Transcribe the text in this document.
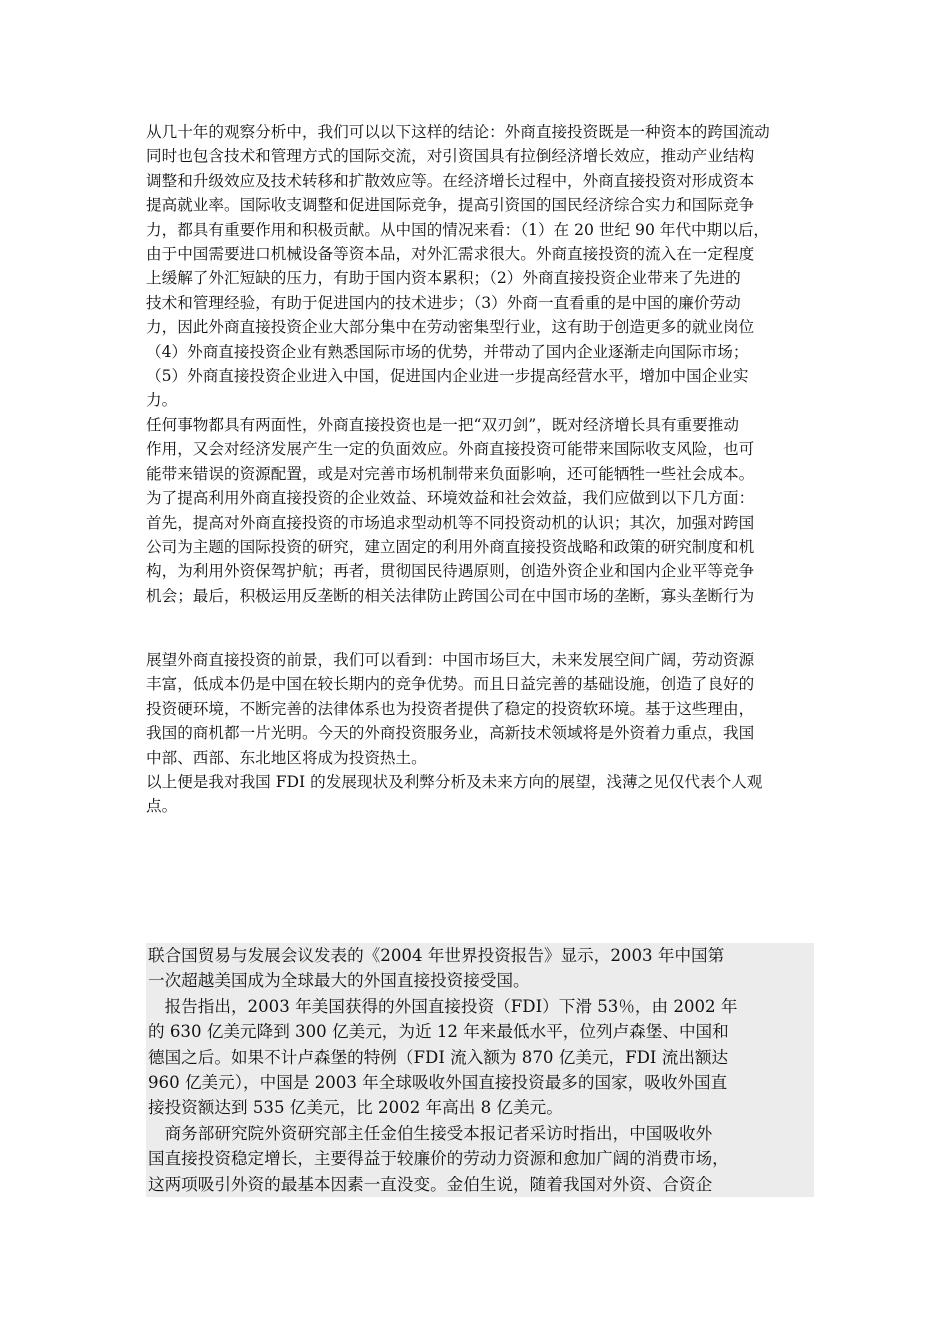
从几十年的观察分析中，我们可以以下这样的结论：外商直接投资既是一种资本的跨国流动

同时也包含技术和管理方式的国际交流，对引资国具有拉倒经济增长效应，推动产业结构

调整和升级效应及技术转移和扩散效应等。在经济增长过程中，外商直接投资对形成资本

提高就业率。国际收支调整和促进国际竞争，提高引资国的国民经济综合实力和国际竞争

力，都具有重要作用和积极贡献。从中国的情况来看：（1）在 20 世纪 90 年代中期以后，

由于中国需要进口机械设备等资本品，对外汇需求很大。外商直接投资的流入在一定程度

上缓解了外汇短缺的压力，有助于国内资本累积；（2）外商直接投资企业带来了先进的

技术和管理经验，有助于促进国内的技术进步；（3）外商一直看重的是中国的廉价劳动

力，因此外商直接投资企业大部分集中在劳动密集型行业，这有助于创造更多的就业岗位

（4）外商直接投资企业有熟悉国际市场的优势，并带动了国内企业逐渐走向国际市场；

（5）外商直接投资企业进入中国，促进国内企业进一步提高经营水平，增加中国企业实

力。

任何事物都具有两面性，外商直接投资也是一把“双刃剑”，既对经济增长具有重要推动

作用，又会对经济发展产生一定的负面效应。外商直接投资可能带来国际收支风险，也可

能带来错误的资源配置，或是对完善市场机制带来负面影响，还可能牺牲一些社会成本。

为了提高利用外商直接投资的企业效益、环境效益和社会效益，我们应做到以下几方面：

首先，提高对外商直接投资的市场追求型动机等不同投资动机的认识；其次，加强对跨国

公司为主题的国际投资的研究，建立固定的利用外商直接投资战略和政策的研究制度和机

构，为利用外资保驾护航；再者，贯彻国民待遇原则，创造外资企业和国内企业平等竞争

机会；最后，积极运用反垄断的相关法律防止跨国公司在中国市场的垄断，寡头垄断行为

展望外商直接投资的前景，我们可以看到：中国市场巨大，未来发展空间广阔，劳动资源

丰富，低成本仍是中国在较长期内的竞争优势。而且日益完善的基础设施，创造了良好的

投资硬环境，不断完善的法律体系也为投资者提供了稳定的投资软环境。基于这些理由，

我国的商机都一片光明。今天的外商投资服务业，高新技术领域将是外资着力重点，我国

中部、西部、东北地区将成为投资热土。

以上便是我对我国 FDI 的发展现状及利弊分析及未来方向的展望，浅薄之见仅代表个人观

点。

联合国贸易与发展会议发表的《2004 年世界投资报告》显示，2003 年中国第

一次超越美国成为全球最大的外国直接投资接受国。

　报告指出，2003 年美国获得的外国直接投资（FDI）下滑 53％，由 2002 年

的 630 亿美元降到 300 亿美元，为近 12 年来最低水平，位列卢森堡、中国和

德国之后。如果不计卢森堡的特例（FDI 流入额为 870 亿美元，FDI 流出额达

960 亿美元），中国是 2003 年全球吸收外国直接投资最多的国家，吸收外国直

接投资额达到 535 亿美元，比 2002 年高出 8 亿美元。

　商务部研究院外资研究部主任金伯生接受本报记者采访时指出，中国吸收外

国直接投资稳定增长，主要得益于较廉价的劳动力资源和愈加广阔的消费市场，

这两项吸引外资的最基本因素一直没变。金伯生说，随着我国对外资、合资企
